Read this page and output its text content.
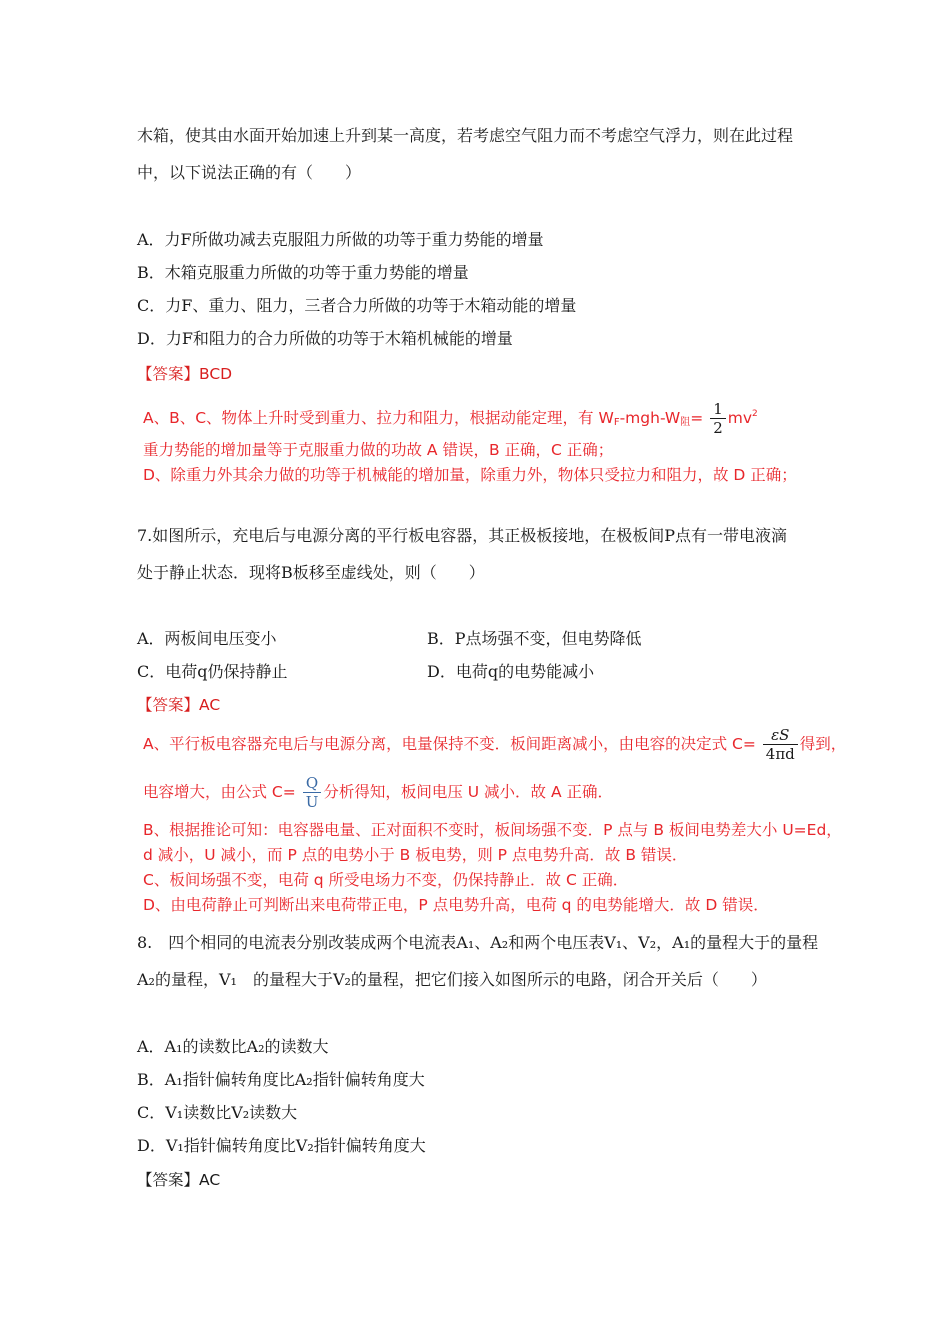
木箱，使其由水面开始加速上升到某一高度，若考虑空气阻力而不考虑空气浮力，则在此过程
中，以下说法正确的有（　　）
A．力F所做功减去克服阻力所做的功等于重力势能的增量
B．木箱克服重力所做的功等于重力势能的增量
C．力F、重力、阻力，三者合力所做的功等于木箱动能的增量
D．力F和阻力的合力所做的功等于木箱机械能的增量
【答案】BCD
A、B、C、物体上升时受到重力、拉力和阻力，根据动能定理，有 $W_F-mgh-W_阻= \frac{1}{2} mv^2$
重力势能的增加量等于克服重力做的功故 A 错误，B 正确，C 正确；
D、除重力外其余力做的功等于机械能的增加量，除重力外，物体只受拉力和阻力，故 D 正确；
7.如图所示，充电后与电源分离的平行板电容器，其正极板接地，在极板间P点有一带电液滴
处于静止状态．现将B板移至虚线处，则（　　）
A．两板间电压变小	B．P点场强不变，但电势降低
C．电荷q仍保持静止	D．电荷q的电势能减小
【答案】AC
A、平行板电容器充电后与电源分离，电量保持不变．板间距离减小，由电容的决定式 $C= \frac{\varepsilon S}{4\pi d}$ 得到，
电容增大，由公式 $C= \frac{Q}{U}$ 分析得知，板间电压 U 减小．故 A 正确．
B、根据推论可知：电容器电量、正对面积不变时，板间场强不变．P 点与 B 板间电势差大小 U=Ed，
d 减小，U 减小，而 P 点的电势小于 B 板电势，则 P 点电势升高．故 B 错误．
C、板间场强不变，电荷 q 所受电场力不变，仍保持静止．故 C 正确．
D、由电荷静止可判断出来电荷带正电，P 点电势升高，电荷 q 的电势能增大．故 D 错误．
8.　四个相同的电流表分别改装成两个电流表A₁、A₂和两个电压表V₁、V₂，A₁的量程大于的量程
A₂的量程，V₁　的量程大于V₂的量程，把它们接入如图所示的电路，闭合开关后（　　）
A．A₁的读数比A₂的读数大
B．A₁指针偏转角度比A₂指针偏转角度大
C．V₁读数比V₂读数大
D．V₁指针偏转角度比V₂指针偏转角度大
【答案】AC
